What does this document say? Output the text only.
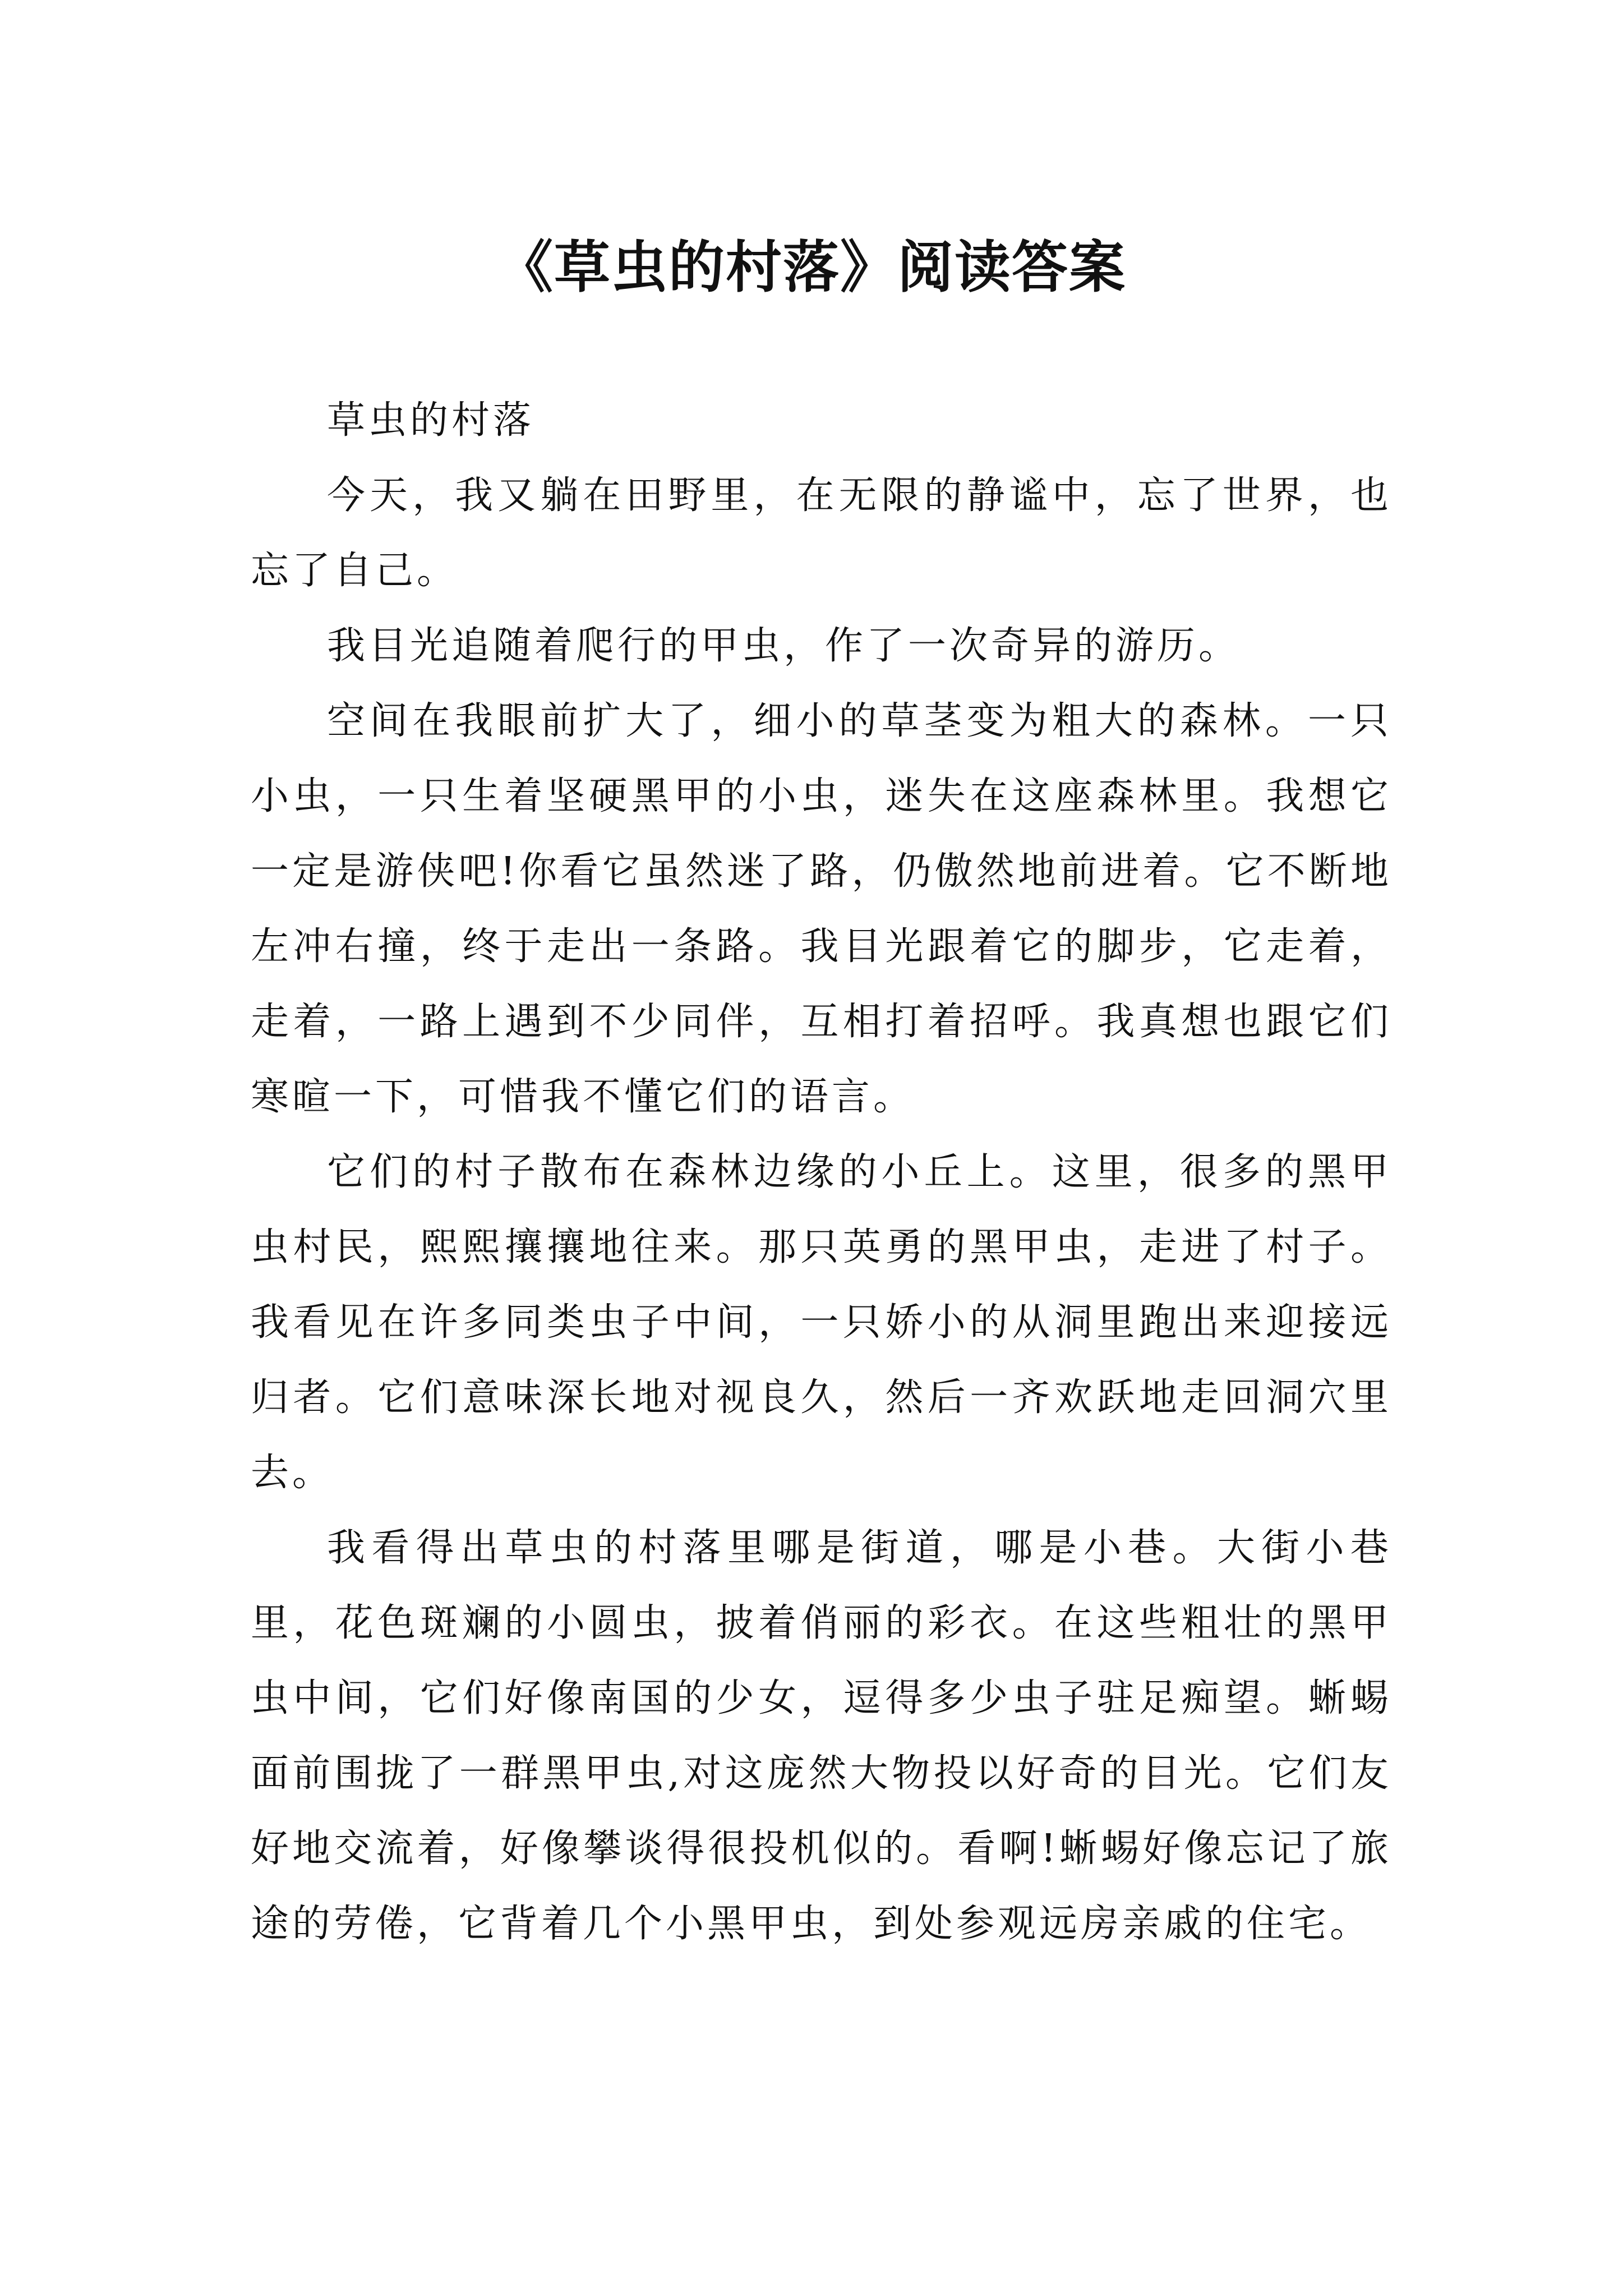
《草虫的村落》阅读答案

草虫的村落

今天，我又躺在田野里，在无限的静谧中，忘了世界，也忘了自己。

我目光追随着爬行的甲虫，作了一次奇异的游历。

空间在我眼前扩大了，细小的草茎变为粗大的森林。一只小虫，一只生着坚硬黑甲的小虫，迷失在这座森林里。我想它一定是游侠吧!你看它虽然迷了路，仍傲然地前进着。它不断地左冲右撞，终于走出一条路。我目光跟着它的脚步，它走着，走着，一路上遇到不少同伴，互相打着招呼。我真想也跟它们寒暄一下，可惜我不懂它们的语言。

它们的村子散布在森林边缘的小丘上。这里，很多的黑甲虫村民，熙熙攘攘地往来。那只英勇的黑甲虫，走进了村子。我看见在许多同类虫子中间，一只娇小的从洞里跑出来迎接远归者。它们意味深长地对视良久，然后一齐欢跃地走回洞穴里去。

我看得出草虫的村落里哪是街道，哪是小巷。大街小巷里，花色斑斓的小圆虫，披着俏丽的彩衣。在这些粗壮的黑甲虫中间，它们好像南国的少女，逗得多少虫子驻足痴望。蜥蜴面前围拢了一群黑甲虫,对这庞然大物投以好奇的目光。它们友好地交流着，好像攀谈得很投机似的。看啊!蜥蜴好像忘记了旅途的劳倦，它背着几个小黑甲虫，到处参观远房亲戚的住宅。
